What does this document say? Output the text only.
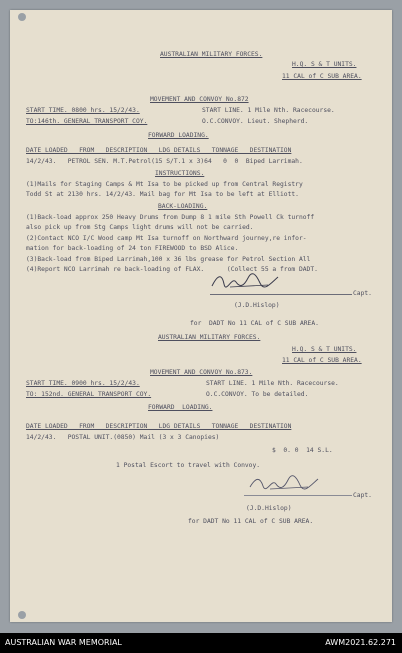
AUSTRALIAN MILITARY FORCES.
H.Q. S & T UNITS.
11 CAL of C SUB AREA.
MOVEMENT AND CONVOY No.872
START TIME. 0800 hrs. 15/2/43.	START LINE. 1 Mile Nth. Racecourse.
TO:146th. GENERAL TRANSPORT COY.	O.C.CONVOY. Lieut. Shepherd.
FORWARD LOADING.
DATE LOADED   FROM   DESCRIPTION   LDG DETAILS   TONNAGE   DESTINATION
14/2/43.   PETROL SEN. M.T.Petrol(15 S/T.1 x 3)64   0  0  Biped Larrimah.
INSTRUCTIONS.
(1)Mails for Staging Camps & Mt Isa to be picked up from Central Registry
Todd St at 2130 hrs. 14/2/43. Mail bag for Mt Isa to be left at Elliott.
BACK-LOADING.
(1)Back-load approx 250 Heavy Drums from Dump 8 1 mile Sth Powell Ck turnoff
also pick up from Stg Camps light drums will not be carried.
(2)Contact NCO I/C Wood camp Mt Isa turnoff on Northward journey,re infor-
mation for back-loading of 24 ton FIREWOOD to BSD Alice.
(3)Back-load from Biped Larrimah,100 x 36 lbs grease for Petrol Section All
(4)Report NCO Larrimah re back-loading of FLAX.      (Collect 55 a from DADT.
Capt.
(J.D.Hislop)
for  DADT No 11 CAL of C SUB AREA.
AUSTRALIAN MILITARY FORCES.
H.Q. S & T UNITS.
11 CAL of C SUB AREA.
MOVEMENT AND CONVOY No.873.
START TIME. 0900 hrs. 15/2/43.	START LINE. 1 Mile Nth. Racecourse.
TO: 152nd. GENERAL TRANSPORT COY.	O.C.CONVOY. To be detailed.
FORWARD  LOADING.
DATE LOADED   FROM   DESCRIPTION   LDG DETAILS   TONNAGE   DESTINATION
14/2/43.   POSTAL UNIT.(0850) Mail (3 x 3 Canopies)
$  0. 0  14 S.L.
1 Postal Escort to travel with Convoy.
Capt.
(J.D.Hislop)
for DADT No 11 CAL of C SUB AREA.
AUSTRALIAN WAR MEMORIAL	AWM2021.62.271
